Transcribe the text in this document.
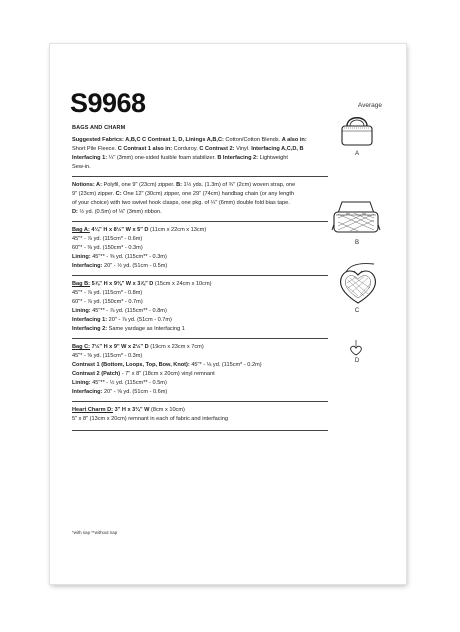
S9968	Average
BAGS AND CHARM
Suggested Fabrics: A,B,C C Contrast 1, D, Linings A,B,C: Cotton/Cotton Blends. A also in:
Short Pile Fleece. C Contrast 1 also in: Corduroy. C Contrast 2: Vinyl. Interfacing A,C,D, B
Interfacing 1: ¼" (3mm) one-sided fusible foam stabilizer. B Interfacing 2: Lightweight
Sew-in.
Notions: A: Polyfil, one 9" (23cm) zipper. B: 1½ yds. (1.3m) of ¾" (2cm) woven strap, one
9" (23cm) zipper. C: One 12" (30cm) zipper, one 29" (74cm) handbag chain (or any length
of your choice) with two swivel hook clasps, one pkg. of ¼" (6mm) double fold bias tape.
D: ½ yd. (0.5m) of ⅛" (3mm) ribbon.
Bag A: 4¼" H x 8½" W x 5" D (11cm x 22cm x 13cm)
45"* - ⅞ yd. (115cm* - 0.6m)
60"* - ⅜ yd. (150cm* - 0.3m)
Lining: 45"** - ⅜ yd. (115cm** - 0.3m)
Interfacing: 20" - ½ yd. (51cm - 0.5m)
Bag B: 5⅞" H x 9⅜" W x 3⅞" D (15cm x 24cm x 10cm)
45"* - ⅞ yd. (115cm* - 0.8m)
60"* - ⅞ yd. (150cm* - 0.7m)
Lining: 45"** - ⅞ yd. (115cm** - 0.8m)
Interfacing 1: 20" - ⅞ yd. (51cm - 0.7m)
Interfacing 2: Same yardage as Interfacing 1
Bag C: 7½" H x 9" W x 2½" D (19cm x 23cm x 7cm)
45"* - ⅜ yd. (115cm* - 0.3m)
Contrast 1 (Bottom, Loops, Top, Bow, Knot): 45"* - ⅛ yd. (115cm* - 0.2m)
Contrast 2 (Patch) - 7" x 8" (18cm x 20cm) vinyl remnant
Lining: 45"** - ½ yd. (115cm** - 0.5m)
Interfacing: 20" - ⅝ yd. (51cm - 0.6m)
Heart Charm D: 3" H x 3¾" W (8cm x 10cm)
5" x 8" (13cm x 20cm) remnant in each of fabric and interfacing
*with nap **without nap
A
B
C
D
